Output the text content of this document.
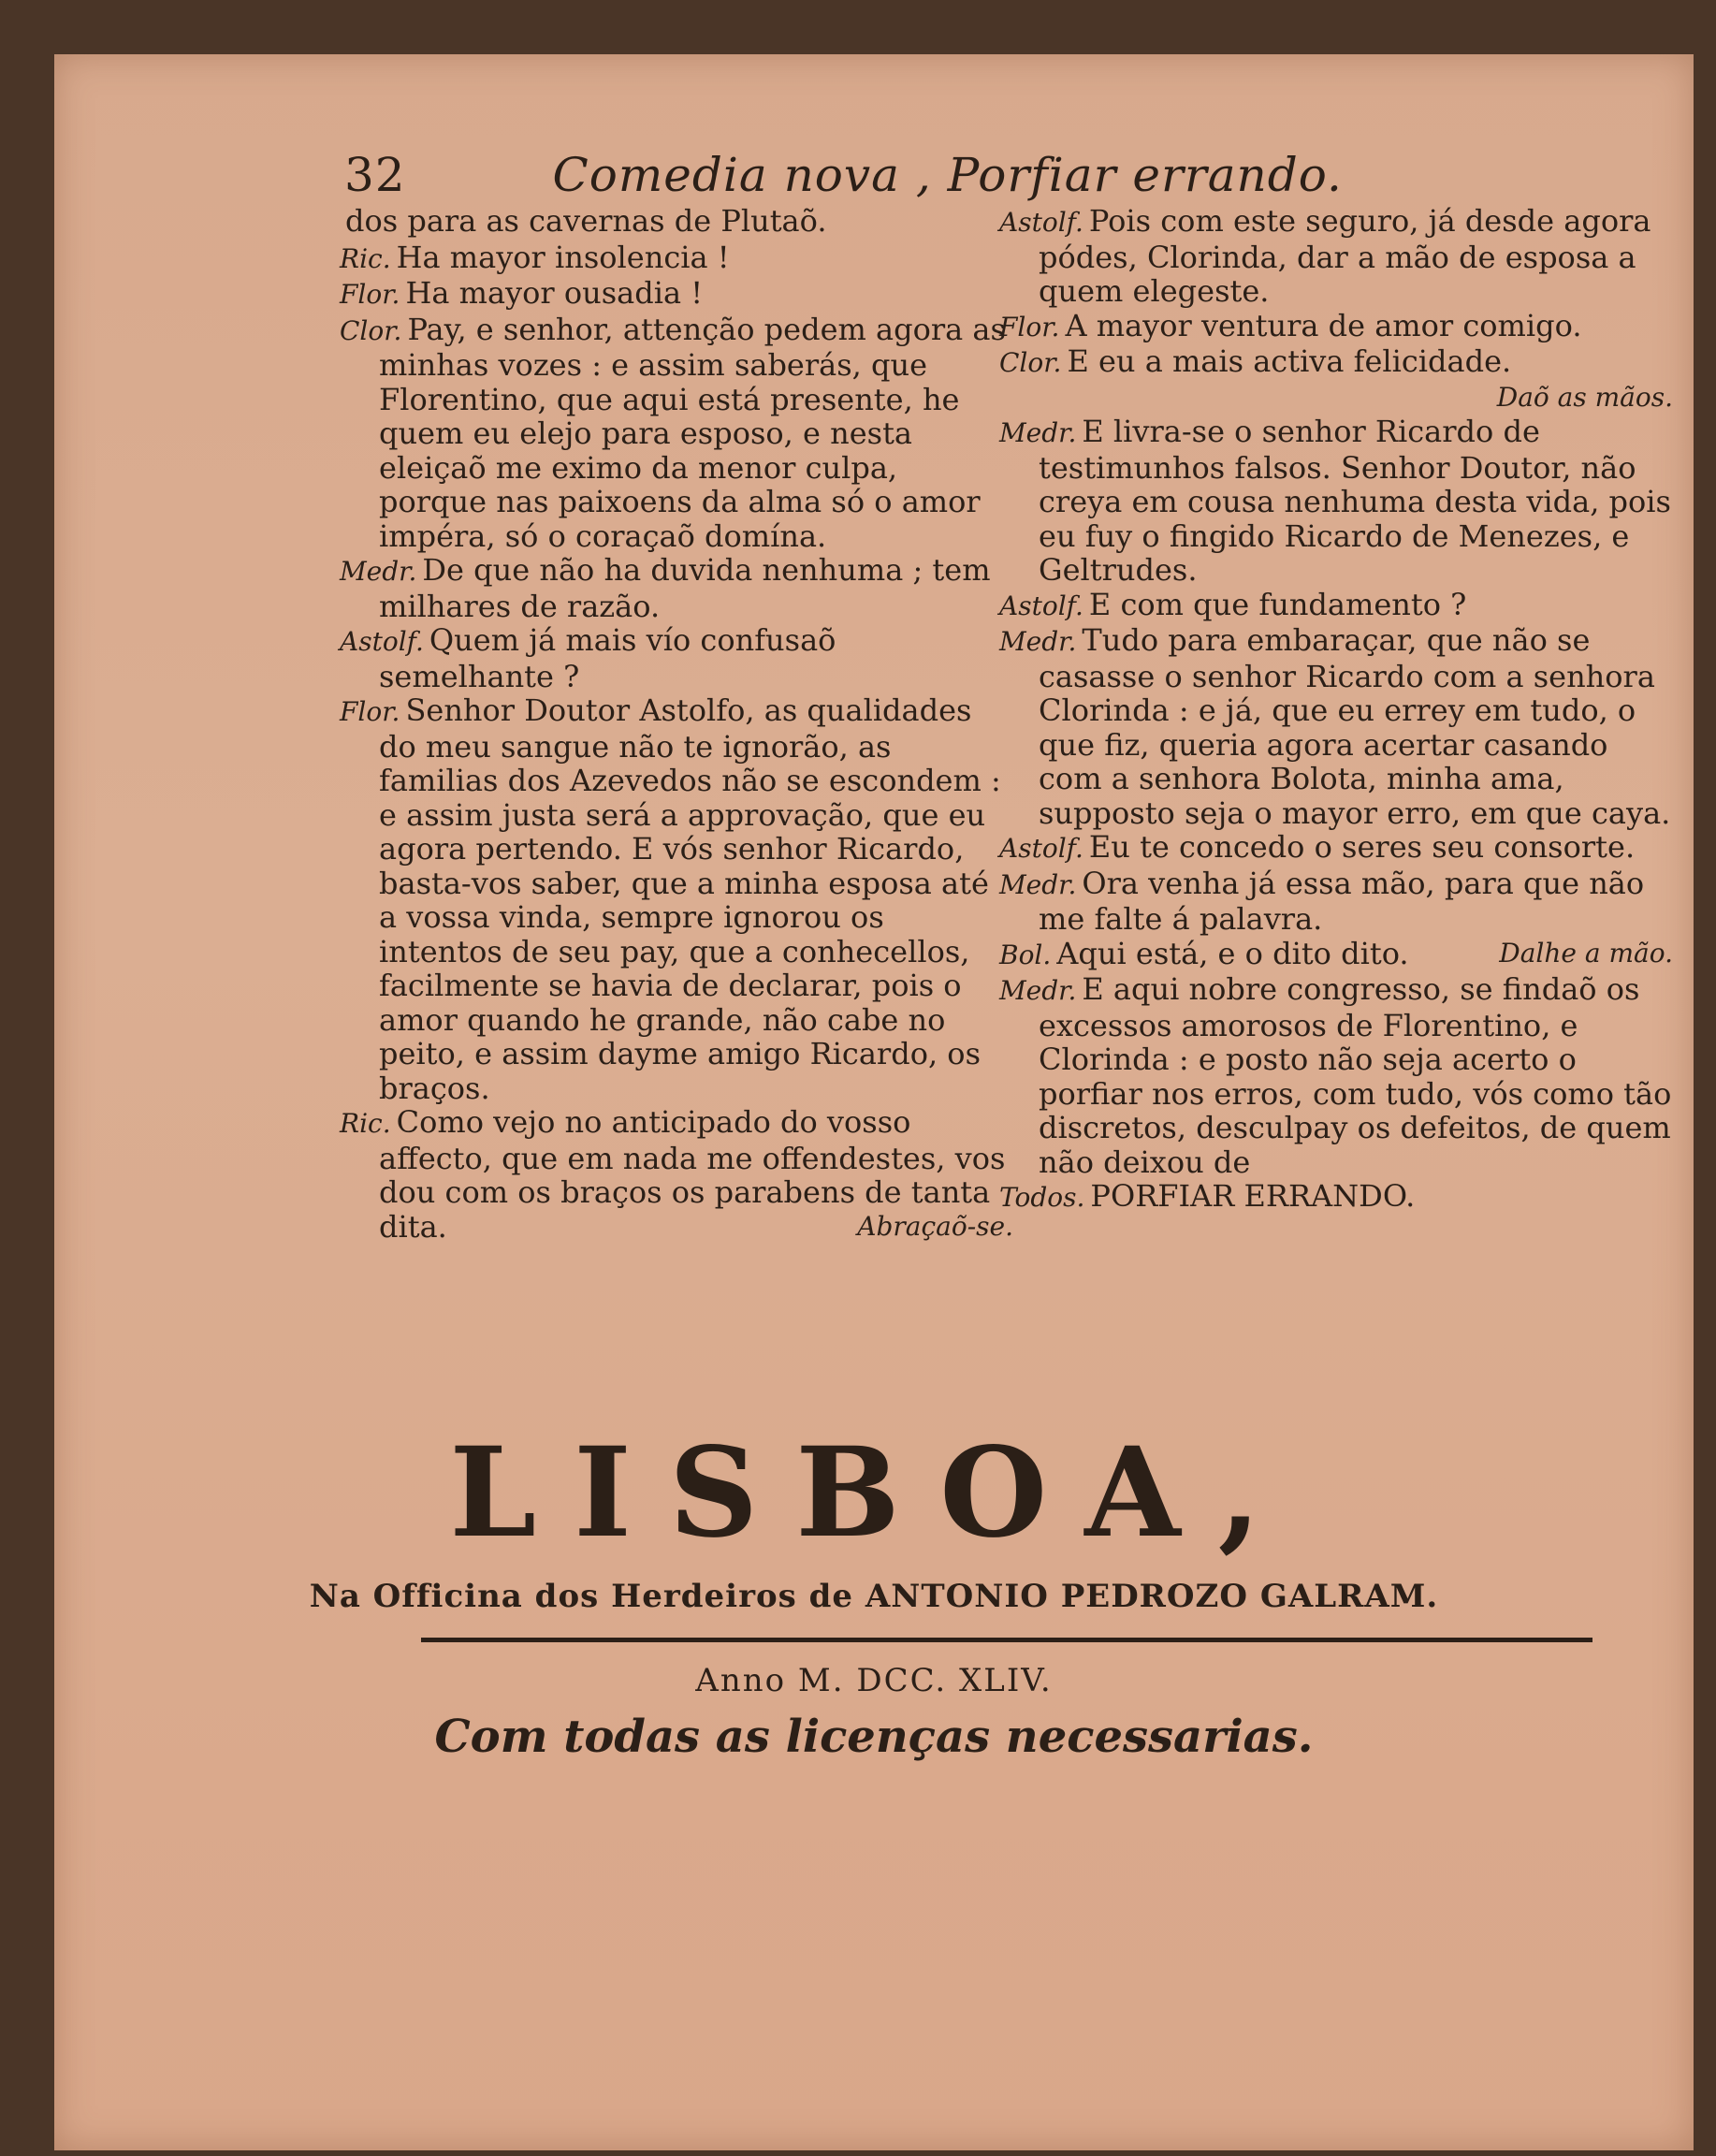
32	Comedia nova , Porfiar errando.

dos para as cavernas de Plutaõ.

Ric. Ha mayor insolencia !

Flor. Ha mayor ousadia !

Clor. Pay, e senhor, attenção pedem agora as minhas vozes : e assim saberás, que Florentino, que aqui está presente, he quem eu elejo para esposo, e nesta eleiçaõ me eximo da menor culpa, porque nas paixoens da alma só o amor impéra, só o coraçaõ domína.

Medr. De que não ha duvida nenhuma ; tem milhares de razão.

Astolf. Quem já mais vío confusaõ semelhante ?

Flor. Senhor Doutor Astolfo, as qualidades do meu sangue não te ignorão, as familias dos Azevedos não se escondem : e assim justa será a approvação, que eu agora pertendo. E vós senhor Ricardo, basta-vos saber, que a minha esposa até a vossa vinda, sempre ignorou os intentos de seu pay, que a conhecellos, facilmente se havia de declarar, pois o amor quando he grande, não cabe no peito, e assim dayme amigo Ricardo, os braços.

Ric. Como vejo no anticipado do vosso affecto, que em nada me offendestes, vos dou com os braços os parabens de tanta dita.	Abraçaõ-se.

Astolf. Pois com este seguro, já desde agora pódes, Clorinda, dar a mão de esposa a quem elegeste.

Flor. A mayor ventura de amor comigo.

Clor. E eu a mais activa felicidade.

Daõ as mãos.

Medr. E livra-se o senhor Ricardo de testimunhos falsos. Senhor Doutor, não creya em cousa nenhuma desta vida, pois eu fuy o fingido Ricardo de Menezes, e Geltrudes.

Astolf. E com que fundamento ?

Medr. Tudo para embaraçar, que não se casasse o senhor Ricardo com a senhora Clorinda : e já, que eu errey em tudo, o que fiz, queria agora acertar casando com a senhora Bolota, minha ama, supposto seja o mayor erro, em que caya.

Astolf. Eu te concedo o seres seu consorte.

Medr. Ora venha já essa mão, para que não me falte á palavra.

Bol. Aqui está, e o dito dito.	Dalhe a mão.

Medr. E aqui nobre congresso, se findaõ os excessos amorosos de Florentino, e Clorinda : e posto não seja acerto o porfiar nos erros, com tudo, vós como tão discretos, desculpay os defeitos, de quem não deixou de

Todos. PORFIAR ERRANDO.

LISBOA,
Na Officina dos Herdeiros de ANTONIO PEDROZO GALRAM.
Anno M. DCC. XLIV.
Com todas as licenças necessarias.
